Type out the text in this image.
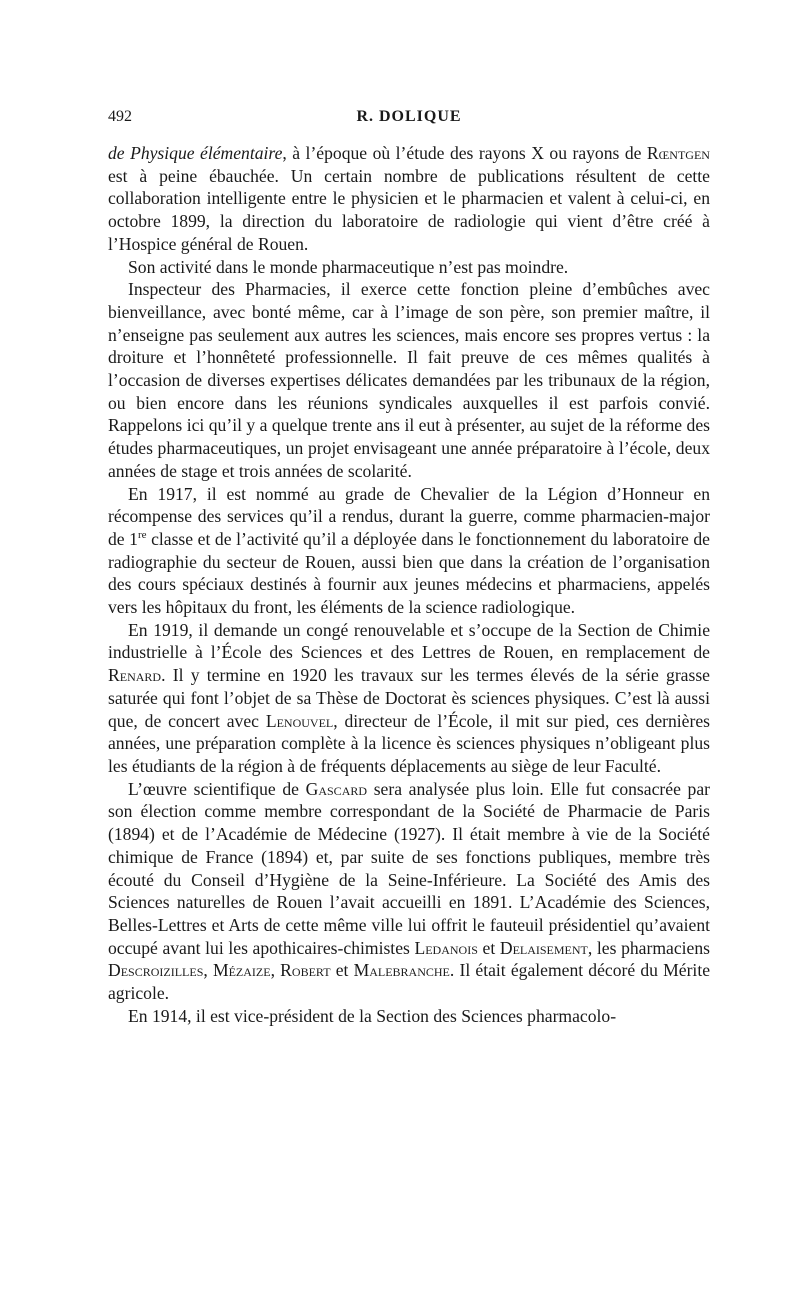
492	R. DOLIQUE

de Physique élémentaire, à l’époque où l’étude des rayons X ou rayons de Rœntgen est à peine ébauchée. Un certain nombre de publications résultent de cette collaboration intelligente entre le physicien et le pharmacien et valent à celui-ci, en octobre 1899, la direction du laboratoire de radiologie qui vient d’être créé à l’Hospice général de Rouen.

Son activité dans le monde pharmaceutique n’est pas moindre.

Inspecteur des Pharmacies, il exerce cette fonction pleine d’embûches avec bienveillance, avec bonté même, car à l’image de son père, son premier maître, il n’enseigne pas seulement aux autres les sciences, mais encore ses propres vertus : la droiture et l’honnêteté professionnelle. Il fait preuve de ces mêmes qualités à l’occasion de diverses expertises délicates demandées par les tribunaux de la région, ou bien encore dans les réunions syndicales auxquelles il est parfois convié. Rappelons ici qu’il y a quelque trente ans il eut à présenter, au sujet de la réforme des études pharmaceutiques, un projet envisageant une année préparatoire à l’école, deux années de stage et trois années de scolarité.

En 1917, il est nommé au grade de Chevalier de la Légion d’Honneur en récompense des services qu’il a rendus, durant la guerre, comme pharmacien-major de 1re classe et de l’activité qu’il a déployée dans le fonctionnement du laboratoire de radiographie du secteur de Rouen, aussi bien que dans la création de l’organisation des cours spéciaux destinés à fournir aux jeunes médecins et pharmaciens, appelés vers les hôpitaux du front, les éléments de la science radiologique.

En 1919, il demande un congé renouvelable et s’occupe de la Section de Chimie industrielle à l’École des Sciences et des Lettres de Rouen, en remplacement de Renard. Il y termine en 1920 les travaux sur les termes élevés de la série grasse saturée qui font l’objet de sa Thèse de Doctorat ès sciences physiques. C’est là aussi que, de concert avec Lenouvel, directeur de l’École, il mit sur pied, ces dernières années, une préparation complète à la licence ès sciences physiques n’obligeant plus les étudiants de la région à de fréquents déplacements au siège de leur Faculté.

L’œuvre scientifique de Gascard sera analysée plus loin. Elle fut consacrée par son élection comme membre correspondant de la Société de Pharmacie de Paris (1894) et de l’Académie de Médecine (1927). Il était membre à vie de la Société chimique de France (1894) et, par suite de ses fonctions publiques, membre très écouté du Conseil d’Hygiène de la Seine-Inférieure. La Société des Amis des Sciences naturelles de Rouen l’avait accueilli en 1891. L’Académie des Sciences, Belles-Lettres et Arts de cette même ville lui offrit le fauteuil présidentiel qu’avaient occupé avant lui les apothicaires-chimistes Ledanois et Delaisement, les pharmaciens Descroizilles, Mézaize, Robert et Malebranche. Il était également décoré du Mérite agricole.

En 1914, il est vice-président de la Section des Sciences pharmacolo-
